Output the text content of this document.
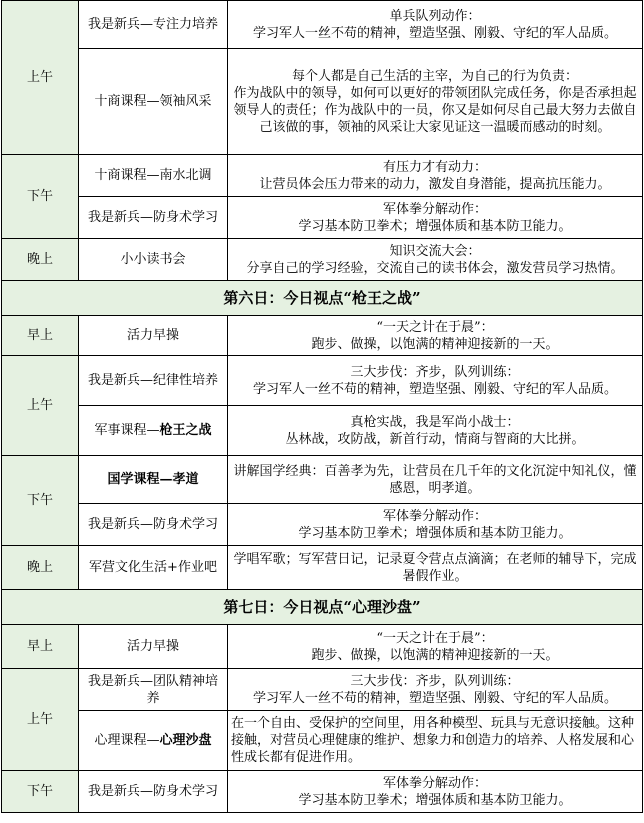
上午	我是新兵—专注力培养	单兵队列动作：
学习军人一丝不苟的精神，塑造坚强、刚毅、守纪的军人品质。

	十商课程—领袖风采	每个人都是自己生活的主宰，为自己的行为负责：
作为战队中的领导，如何可以更好的带领团队完成任务，你是否承担起领导人的责任；作为战队中的一员，你又是如何尽自己最大努力去做自己该做的事，领袖的风采让大家见证这一温暖而感动的时刻。

下午	十商课程—南水北调	有压力才有动力：
让营员体会压力带来的动力，激发自身潜能，提高抗压能力。

	我是新兵—防身术学习	军体拳分解动作：
学习基本防卫拳术；增强体质和基本防卫能力。

晚上	小小读书会	知识交流大会：
分享自己的学习经验，交流自己的读书体会，激发营员学习热情。

第六日：今日视点“枪王之战”		
早上	活力早操	“一天之计在于晨”：
跑步、做操，以饱满的精神迎接新的一天。

上午	我是新兵—纪律性培养	三大步伐：齐步，队列训练：
学习军人一丝不苟的精神，塑造坚强、刚毅、守纪的军人品质。

	军事课程—枪王之战	真枪实战，我是军尚小战士：
丛林战，攻防战，新首行动，情商与智商的大比拼。

下午	国学课程—孝道	讲解国学经典：百善孝为先，让营员在几千年的文化沉淀中知礼仪，懂感恩，明孝道。
	我是新兵—防身术学习	军体拳分解动作：
学习基本防卫拳术；增强体质和基本防卫能力。

晚上	军营文化生活+作业吧	学唱军歌；写军营日记，记录夏令营点点滴滴；在老师的辅导下，完成暑假作业。
第七日：今日视点“心理沙盘”		
早上	活力早操	“一天之计在于晨”：
跑步、做操，以饱满的精神迎接新的一天。

上午	我是新兵—团队精神培养	三大步伐：齐步，队列训练：
学习军人一丝不苟的精神，塑造坚强、刚毅、守纪的军人品质。

	心理课程—心理沙盘	在一个自由、受保护的空间里，用各种模型、玩具与无意识接触。这种接触，对营员心理健康的维护、想象力和创造力的培养、人格发展和心性成长都有促进作用。
下午	我是新兵—防身术学习	军体拳分解动作：
学习基本防卫拳术；增强体质和基本防卫能力。
